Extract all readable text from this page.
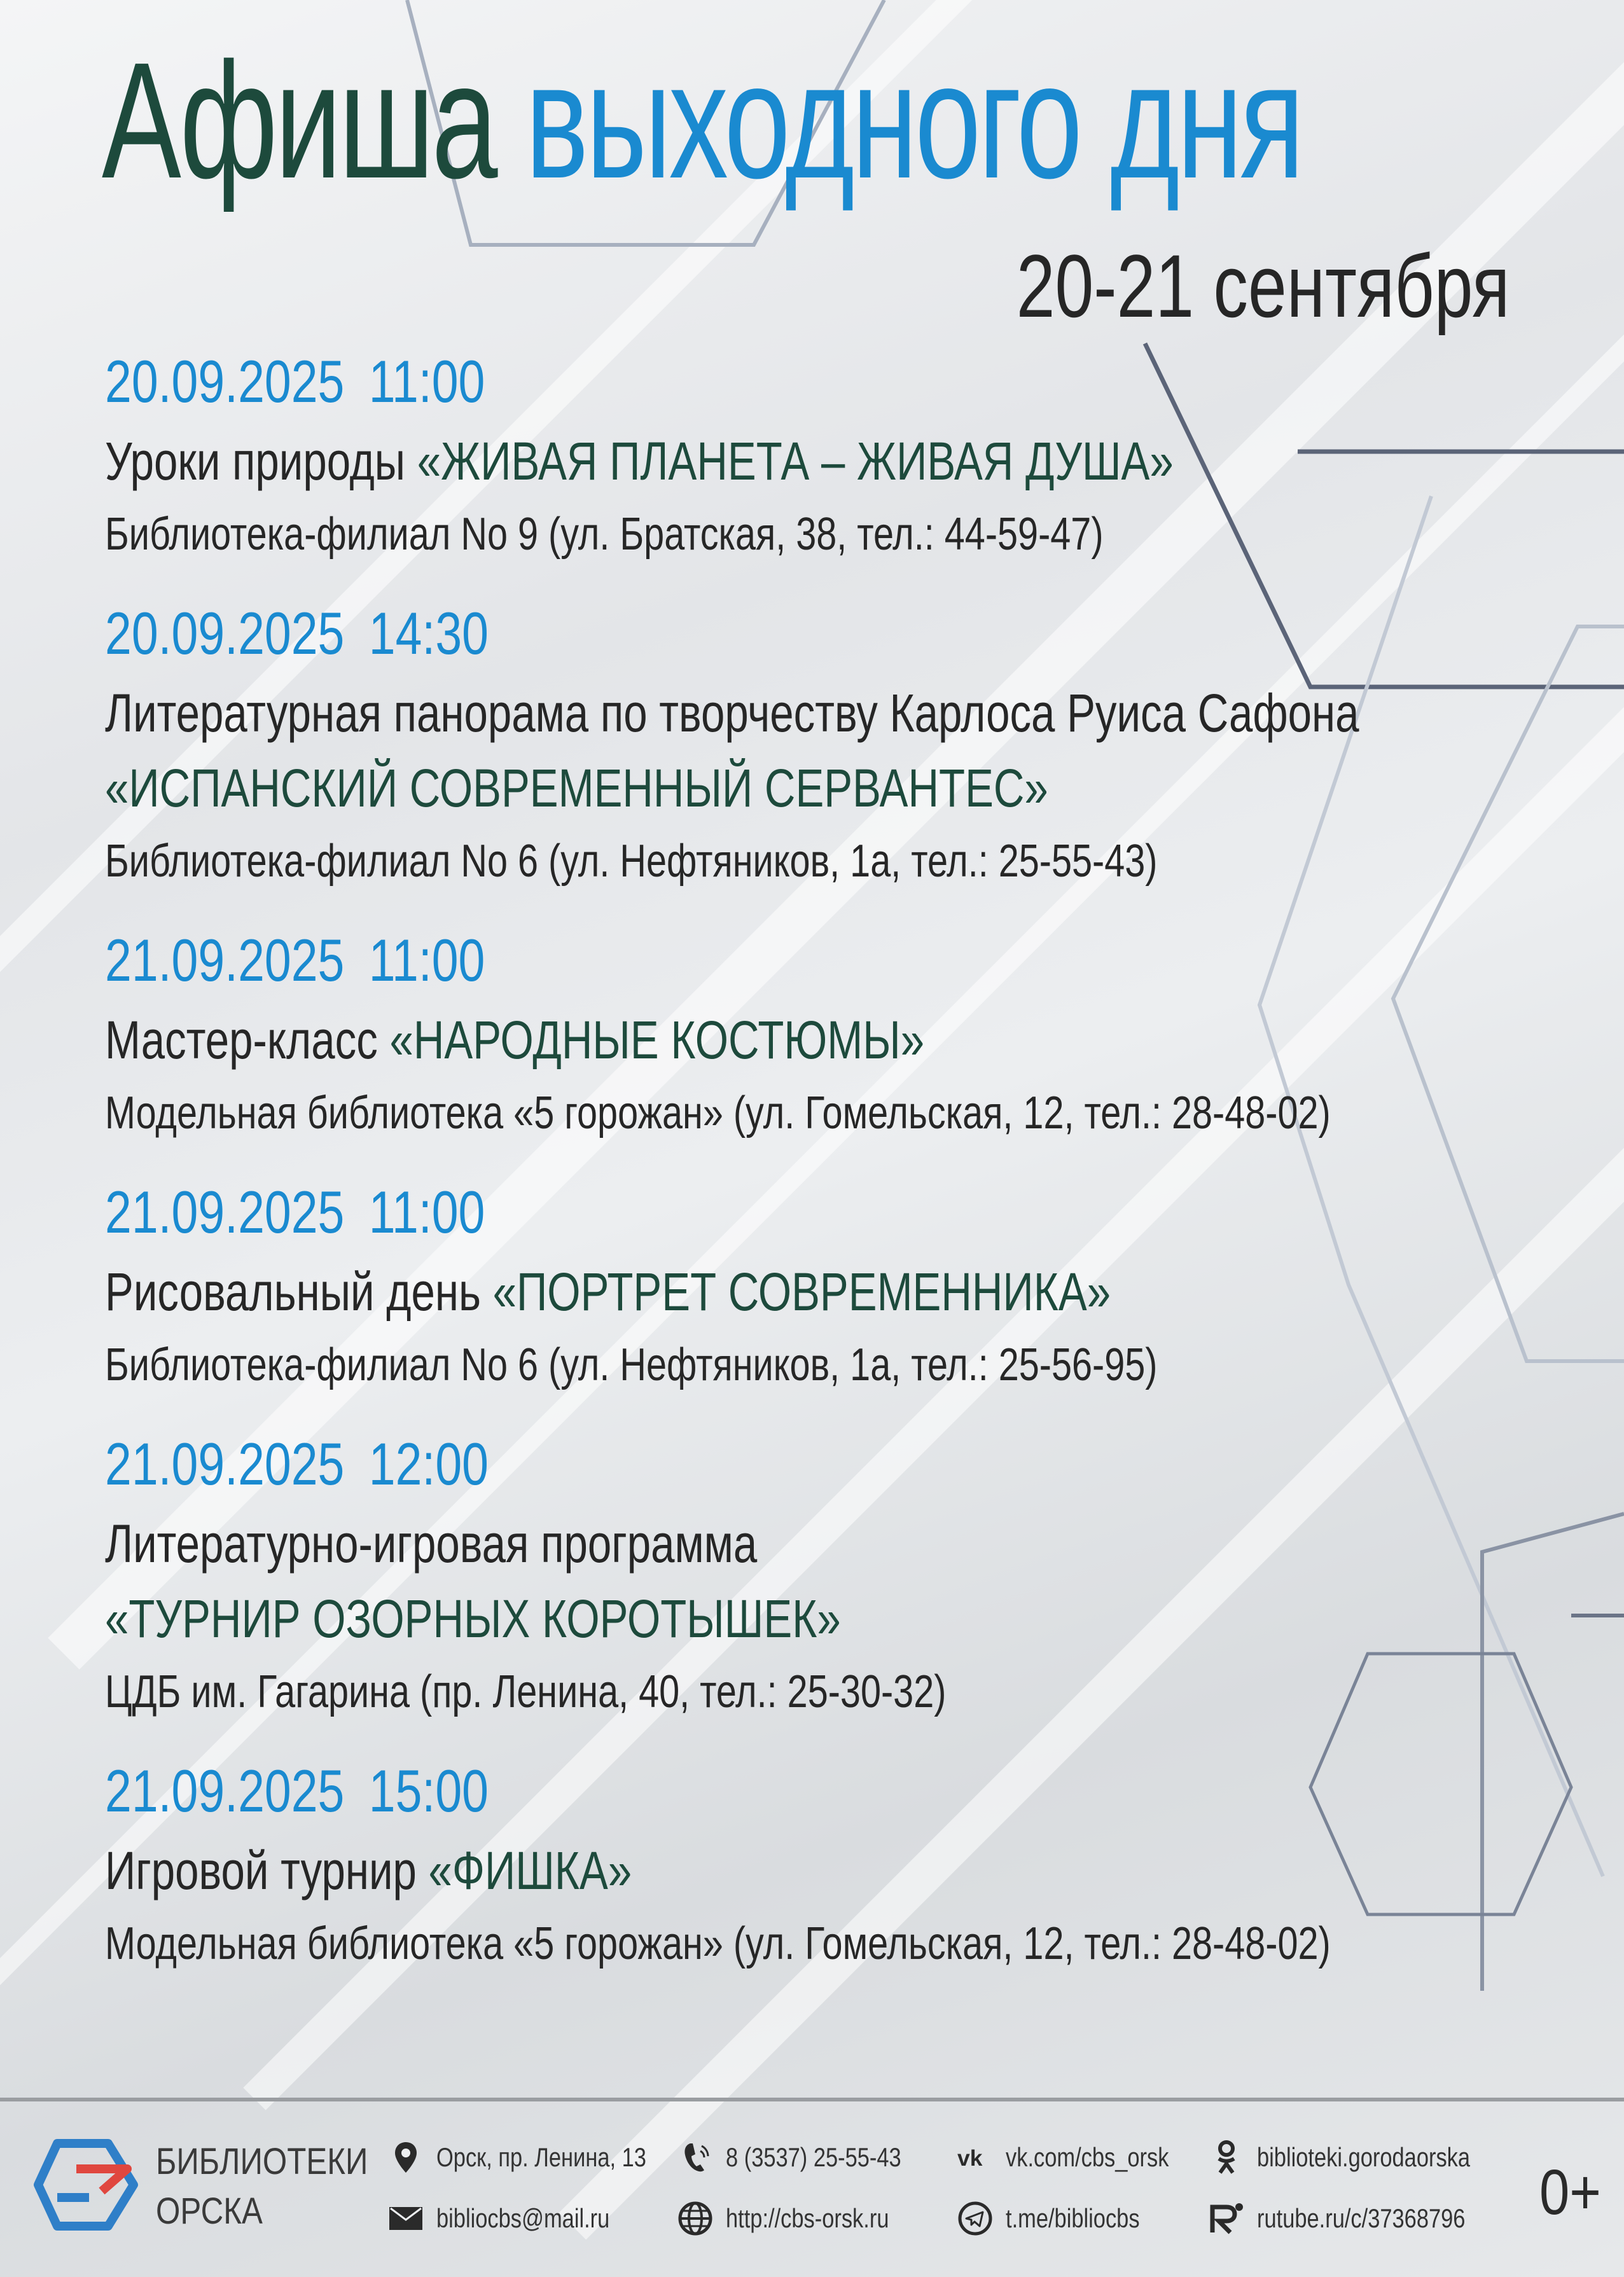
Афиша выходного дня
20-21 сентября
20.09.2025 11:00
Уроки природы «ЖИВАЯ ПЛАНЕТА – ЖИВАЯ ДУША»
Библиотека-филиал No 9 (ул. Братская, 38, тел.: 44-59-47)
20.09.2025 14:30
Литературная панорама по творчеству Карлоса Руиса Сафона
«ИСПАНСКИЙ СОВРЕМЕННЫЙ СЕРВАНТЕС»
Библиотека-филиал No 6 (ул. Нефтяников, 1а, тел.: 25-55-43)
21.09.2025 11:00
Мастер-класс «НАРОДНЫЕ КОСТЮМЫ»
Модельная библиотека «5 горожан» (ул. Гомельская, 12, тел.: 28-48-02)
21.09.2025 11:00
Рисовальный день «ПОРТРЕТ СОВРЕМЕННИКА»
Библиотека-филиал No 6 (ул. Нефтяников, 1а, тел.: 25-56-95)
21.09.2025 12:00
Литературно-игровая программа
«ТУРНИР ОЗОРНЫХ КОРОТЫШЕК»
ЦДБ им. Гагарина (пр. Ленина, 40, тел.: 25-30-32)
21.09.2025 15:00
Игровой турнир «ФИШКА»
Модельная библиотека «5 горожан» (ул. Гомельская, 12, тел.: 28-48-02)
БИБЛИОТЕКИ
ОРСКА
Орск, пр. Ленина, 13	8 (3537) 25-55-43 vk vk.com/cbs_orsk	biblioteki.gorodaorska
bibliocbs@mail.ru	http://cbs-orsk.ru	t.me/bibliocbs	rutube.ru/c/37368796 0+
